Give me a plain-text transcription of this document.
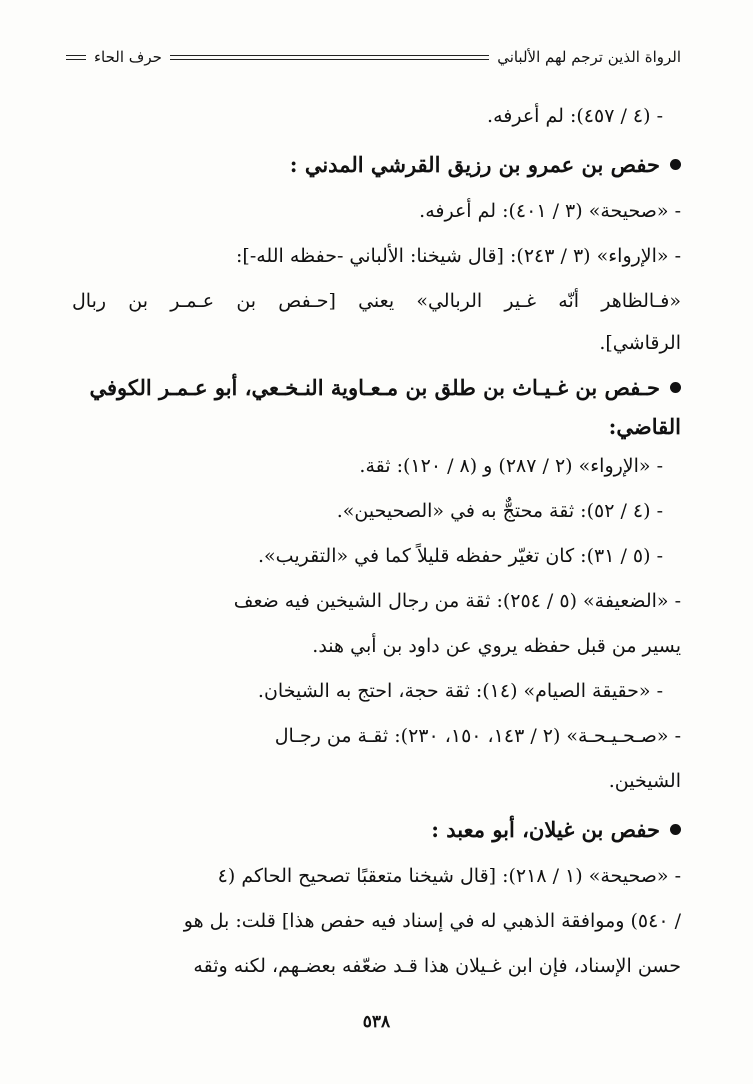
الرواة الذين ترجم لهم الألباني
حرف الحاء
- (٤ / ٤٥٧): لم أعرفه.
حفص بن عمرو بن رزيق القرشي المدني :
- «صحيحة» (٣ / ٤٠١): لم أعرفه.
- «الإرواء» (٣ / ٢٤٣): [قال شيخنا: الألباني -حفظه الله-]:
«فـالظاهر أنّه غـير الربالي» يعني [حـفص بن عـمـر بن ربال
الرقاشي].
حـفص بن غـيـاث بن طلق بن مـعـاوية النـخـعي، أبو عـمـر الكوفي
القاضي:
- «الإرواء» (٢ / ٢٨٧) و (٨ / ١٢٠): ثقة.
- (٤ / ٥٢): ثقة محتجٌّ به في «الصحيحين».
- (٥ / ٣١): كان تغيّر حفظه قليلاً كما في «التقريب».
- «الضعيفة» (٥ / ٢٥٤): ثقة من رجال الشيخين فيه ضعف
يسير من قبل حفظه يروي عن داود بن أبي هند.
- «حقيقة الصيام» (١٤): ثقة حجة، احتج به الشيخان.
- «صـحـيـحـة» (٢ / ١٤٣، ١٥٠، ٢٣٠): ثقـة من رجـال
الشيخين.
حفص بن غيلان، أبو معبد :
- «صحيحة» (١ / ٢١٨): [قال شيخنا متعقبًا تصحيح الحاكم (٤
/ ٥٤٠) وموافقة الذهبي له في إسناد فيه حفص هذا] قلت: بل هو
حسن الإسناد، فإن ابن غـيلان هذا قـد ضعّفه بعضـهم، لكنه وثقه
٥٣٨
